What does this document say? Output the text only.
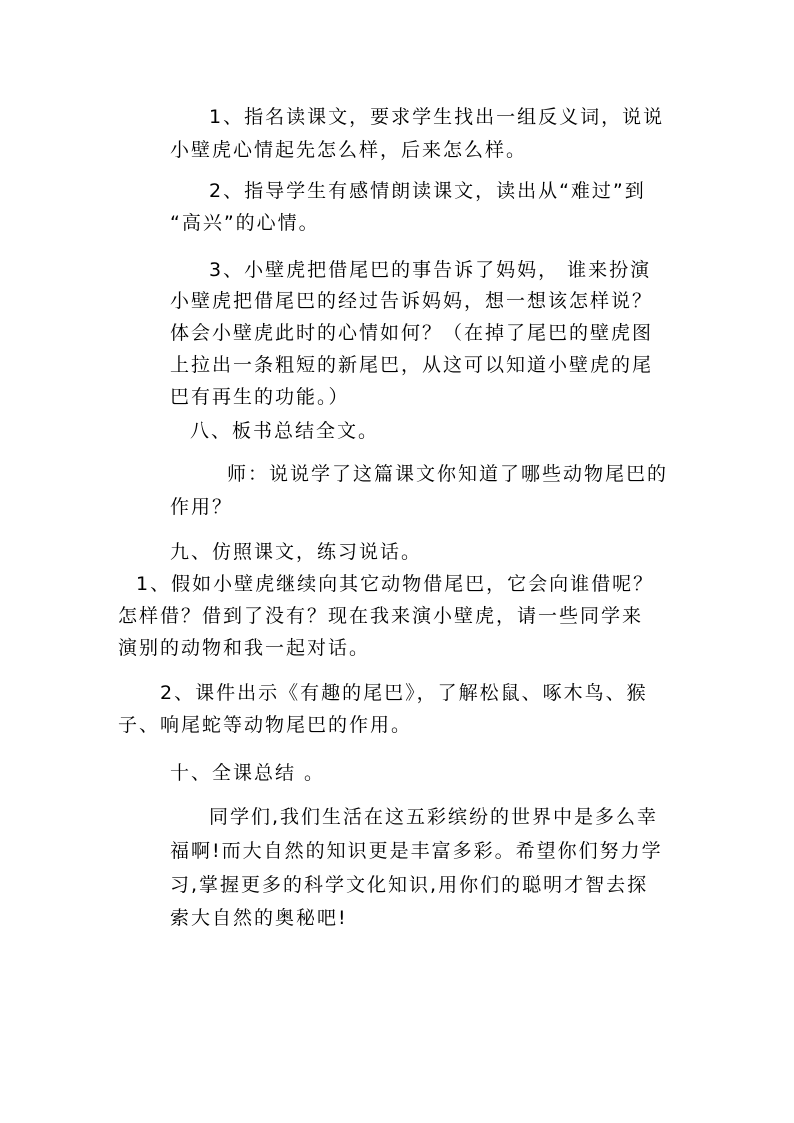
1、指名读课文，要求学生找出一组反义词，说说
小壁虎心情起先怎么样，后来怎么样。
2、指导学生有感情朗读课文，读出从“难过”到
“高兴”的心情。
3、小壁虎把借尾巴的事告诉了妈妈， 谁来扮演
小壁虎把借尾巴的经过告诉妈妈，想一想该怎样说？
体会小壁虎此时的心情如何？（在掉了尾巴的壁虎图
上拉出一条粗短的新尾巴，从这可以知道小壁虎的尾
巴有再生的功能。）
八、板书总结全文。
师：说说学了这篇课文你知道了哪些动物尾巴的
作用？
九、仿照课文，练习说话。
1、假如小壁虎继续向其它动物借尾巴，它会向谁借呢？
怎样借？借到了没有？现在我来演小壁虎，请一些同学来
演别的动物和我一起对话。
2、课件出示《有趣的尾巴》，了解松鼠、啄木鸟、猴
子、响尾蛇等动物尾巴的作用。
十、全课总结 。
同学们,我们生活在这五彩缤纷的世界中是多么幸
福啊!而大自然的知识更是丰富多彩。希望你们努力学
习,掌握更多的科学文化知识,用你们的聪明才智去探
索大自然的奥秘吧!
